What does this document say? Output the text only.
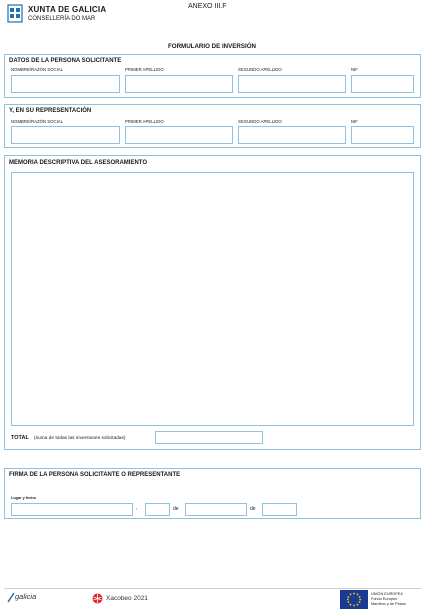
XUNTA DE GALICIA
CONSELLERÍA DO MAR
ANEXO III.F
FORMULARIO DE INVERSIÓN
DATOS DE LA PERSONA SOLICITANTE
NOMBRE/RAZÓN SOCIAL	PRIMER APELLIDO	SEGUNDO APELLIDO	NIF
Y, EN SU REPRESENTACIÓN
NOMBRE/RAZÓN SOCIAL	PRIMER APELLIDO	SEGUNDO APELLIDO	NIF
MEMORIA DESCRIPTIVA DEL ASESORAMIENTO
TOTAL (suma de todas las inversiones solicitadas)
FIRMA DE LA PERSONA SOLICITANTE O REPRESENTANTE
Lugar y fecha
,	de	de
galicia	Xacobeo 2021
UNIÓN EUROPEA
Fondo Europeo
Marítimo y de Pesca
